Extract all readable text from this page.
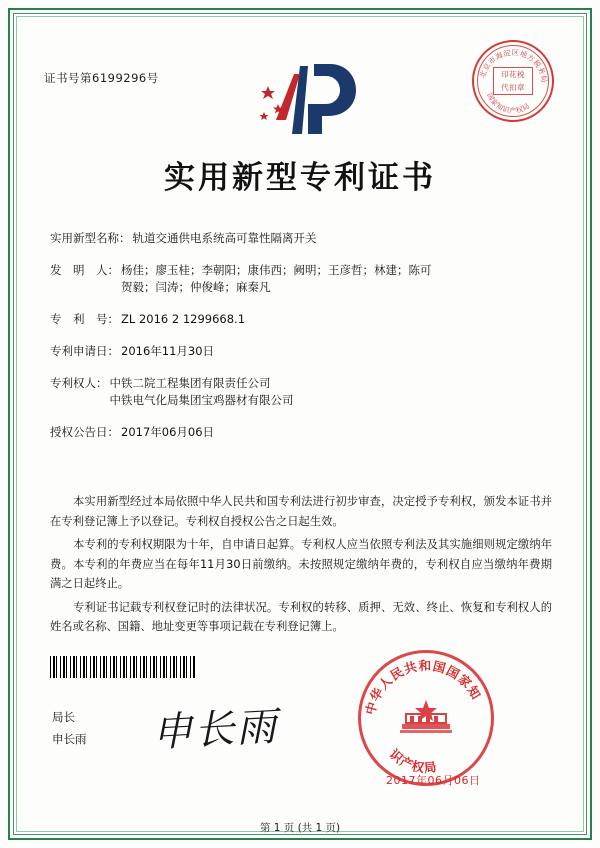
证书号第6199296号	北京市海淀区地方税务局
国家知识产权局
印花税
代扣章
实用新型专利证书
实用新型名称： 轨道交通供电系统高可靠性隔离开关
发　明　人： 杨佳；廖玉桂；李朝阳；康伟西；阙明；王彦哲；林建；陈可
贺毅；闫涛；仲俊峰；麻秦凡
专　利　号： ZL 2016 2 1299668.1
专利申请日： 2016年11月30日
专利权人： 中铁二院工程集团有限责任公司
中铁电气化局集团宝鸡器材有限公司
授权公告日： 2017年06月06日

本实用新型经过本局依照中华人民共和国专利法进行初步审查，决定授予专利权，颁发本证书并在专利登记簿上予以登记。专利权自授权公告之日起生效。

本专利的专利权期限为十年，自申请日起算。专利权人应当依照专利法及其实施细则规定缴纳年费。本专利的年费应当在每年11月30日前缴纳。未按照规定缴纳年费的，专利权自应当缴纳年费期满之日起终止。

专利证书记载专利权登记时的法律状况。专利权的转移、质押、无效、终止、恢复和专利权人的姓名或名称、国籍、地址变更等事项记载在专利登记簿上。

局长
申长雨 申长雨	中华人民共和国国家知
识产权局
2017年06月06日
第 1 页 (共 1 页)
